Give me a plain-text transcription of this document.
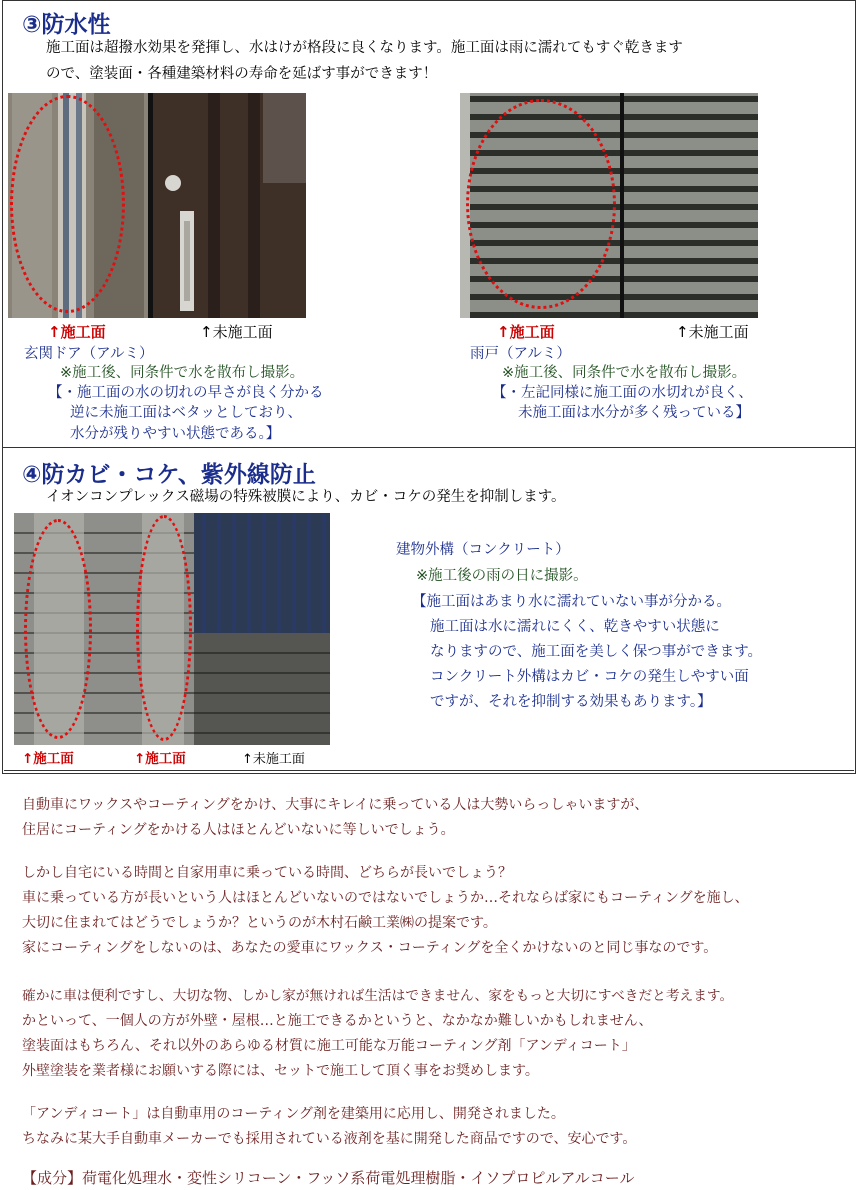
③防水性
施工面は超撥水効果を発揮し、水はけが格段に良くなります。施工面は雨に濡れてもすぐ乾きます
ので、塗装面・各種建築材料の寿命を延ばす事ができます！
↑施工面	↑未施工面
玄関ドア（アルミ）
※施工後、同条件で水を散布し撮影。
【・施工面の水の切れの早さが良く分かる
逆に未施工面はベタッとしており、
水分が残りやすい状態である。】
↑施工面	↑未施工面
雨戸（アルミ）
※施工後、同条件で水を散布し撮影。
【・左記同様に施工面の水切れが良く、
未施工面は水分が多く残っている】
④防カビ・コケ、紫外線防止
イオンコンプレックス磁場の特殊被膜により、カビ・コケの発生を抑制します。
↑施工面	↑施工面	↑未施工面
建物外構（コンクリート）
※施工後の雨の日に撮影。
【施工面はあまり水に濡れていない事が分かる。
施工面は水に濡れにくく、乾きやすい状態に
なりますので、施工面を美しく保つ事ができます。
コンクリート外構はカビ・コケの発生しやすい面
ですが、それを抑制する効果もあります。】
自動車にワックスやコーティングをかけ、大事にキレイに乗っている人は大勢いらっしゃいますが、
住居にコーティングをかける人はほとんどいないに等しいでしょう。
しかし自宅にいる時間と自家用車に乗っている時間、どちらが長いでしょう？
車に乗っている方が長いという人はほとんどいないのではないでしょうか…それならば家にもコーティングを施し、
大切に住まれてはどうでしょうか？というのが木村石鹸工業㈱の提案です。
家にコーティングをしないのは、あなたの愛車にワックス・コーティングを全くかけないのと同じ事なのです。
確かに車は便利ですし、大切な物、しかし家が無ければ生活はできません、家をもっと大切にすべきだと考えます。
かといって、一個人の方が外壁・屋根…と施工できるかというと、なかなか難しいかもしれません、
塗装面はもちろん、それ以外のあらゆる材質に施工可能な万能コーティング剤「アンディコート」
外壁塗装を業者様にお願いする際には、セットで施工して頂く事をお奨めします。
「アンディコート」は自動車用のコーティング剤を建築用に応用し、開発されました。
ちなみに某大手自動車メーカーでも採用されている液剤を基に開発した商品ですので、安心です。
【成分】荷電化処理水・変性シリコーン・フッソ系荷電処理樹脂・イソプロピルアルコール
